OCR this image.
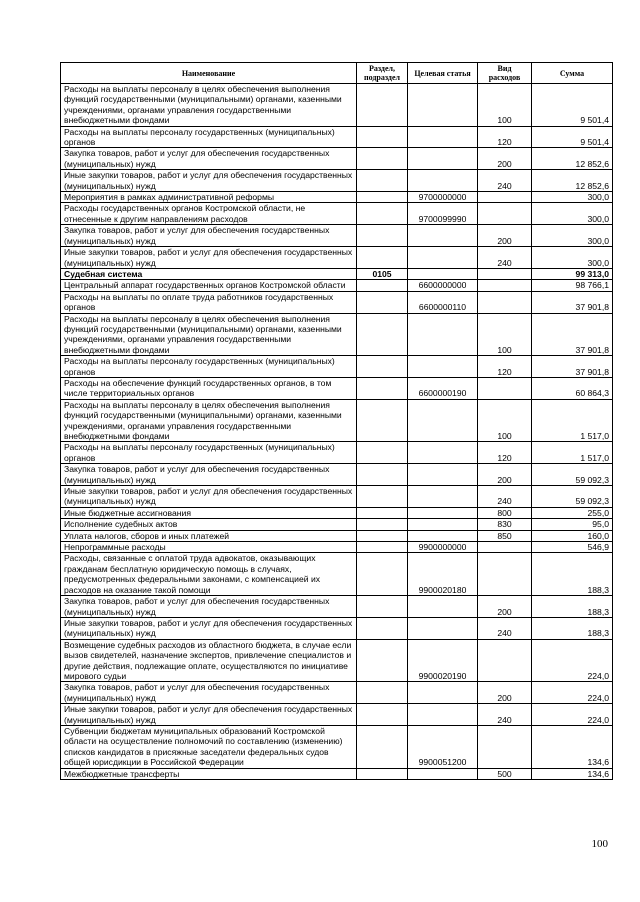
Наименование	Раздел, подраздел	Целевая статья	Вид расходов	Сумма
Расходы на выплаты персоналу в целях обеспечения выполнения функций государственными (муниципальными) органами, казенными учреждениями, органами управления государственными внебюджетными фондами			100	9 501,4
Расходы на выплаты персоналу государственных (муниципальных) органов			120	9 501,4
Закупка товаров, работ и услуг для обеспечения государственных (муниципальных) нужд			200	12 852,6
Иные закупки товаров, работ и услуг для обеспечения государственных (муниципальных) нужд			240	12 852,6
Мероприятия в рамках административной реформы		9700000000		300,0
Расходы государственных органов Костромской области, не отнесенные к другим направлениям расходов		9700099990		300,0
Закупка товаров, работ и услуг для обеспечения государственных (муниципальных) нужд			200	300,0
Иные закупки товаров, работ и услуг для обеспечения государственных (муниципальных) нужд			240	300,0
Судебная система	0105			99 313,0
Центральный аппарат государственных органов Костромской области		6600000000		98 766,1
Расходы на выплаты по оплате труда работников государственных органов		6600000110		37 901,8
Расходы на выплаты персоналу в целях обеспечения выполнения функций государственными (муниципальными) органами, казенными учреждениями, органами управления государственными внебюджетными фондами			100	37 901,8
Расходы на выплаты персоналу государственных (муниципальных) органов			120	37 901,8
Расходы на обеспечение функций государственных органов, в том числе территориальных органов		6600000190		60 864,3
Расходы на выплаты персоналу в целях обеспечения выполнения функций государственными (муниципальными) органами, казенными учреждениями, органами управления государственными внебюджетными фондами			100	1 517,0
Расходы на выплаты персоналу государственных (муниципальных) органов			120	1 517,0
Закупка товаров, работ и услуг для обеспечения государственных (муниципальных) нужд			200	59 092,3
Иные закупки товаров, работ и услуг для обеспечения государственных (муниципальных) нужд			240	59 092,3
Иные бюджетные ассигнования			800	255,0
Исполнение судебных актов			830	95,0
Уплата налогов, сборов и иных платежей			850	160,0
Непрограммные расходы		9900000000		546,9
Расходы, связанные с оплатой труда адвокатов, оказывающих гражданам бесплатную юридическую помощь в случаях, предусмотренных федеральными законами, с компенсацией их расходов на оказание такой помощи		9900020180		188,3
Закупка товаров, работ и услуг для обеспечения государственных (муниципальных) нужд			200	188,3
Иные закупки товаров, работ и услуг для обеспечения государственных (муниципальных) нужд			240	188,3
Возмещение судебных расходов из областного бюджета, в случае если вызов свидетелей, назначение экспертов, привлечение специалистов и другие действия, подлежащие оплате, осуществляются по инициативе мирового судьи		9900020190		224,0
Закупка товаров, работ и услуг для обеспечения государственных (муниципальных) нужд			200	224,0
Иные закупки товаров, работ и услуг для обеспечения государственных (муниципальных) нужд			240	224,0
Субвенции бюджетам муниципальных образований Костромской области на осуществление полномочий по составлению (изменению) списков кандидатов в присяжные заседатели федеральных судов общей юрисдикции в Российской Федерации		9900051200		134,6
Межбюджетные трансферты			500	134,6
100
